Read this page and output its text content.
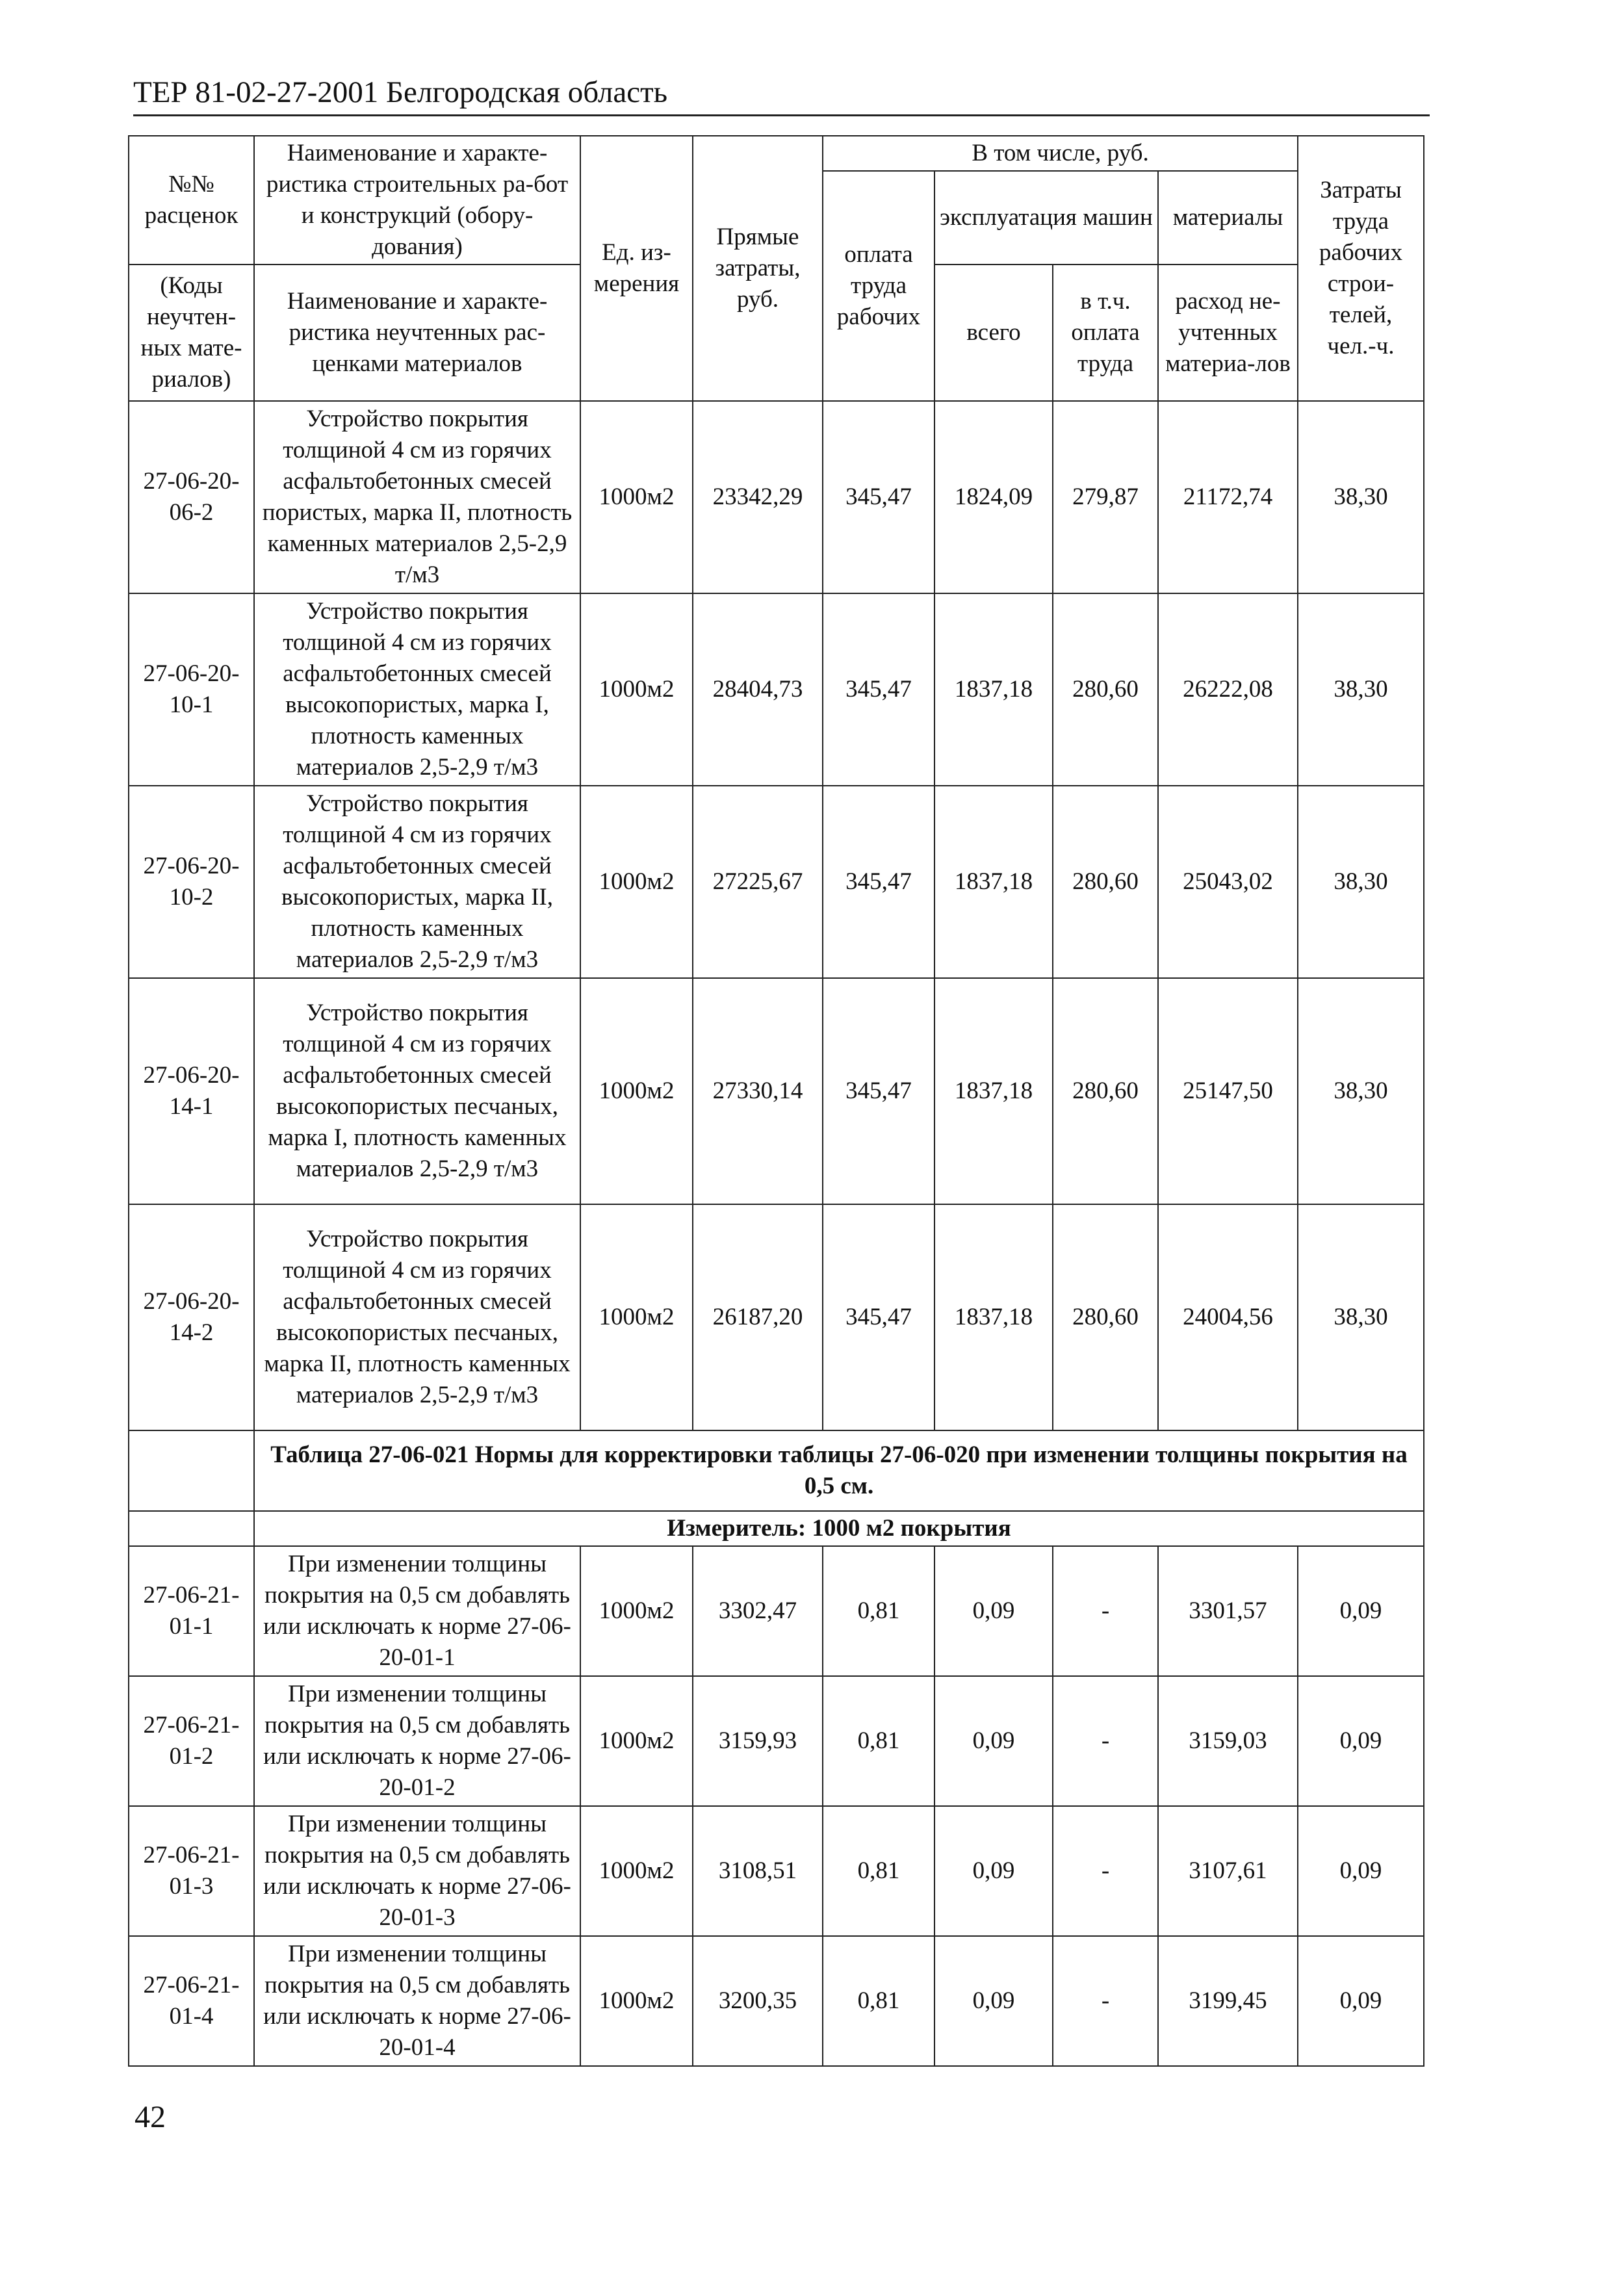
ТЕР 81-02-27-2001 Белгородская область
№№ расценок	Наименование и характе-ристика строительных ра-бот и конструкций (обору-дования)	Ед. из-мерения	Прямые затраты, руб.	В том числе, руб.				Затраты труда рабочих строи-телей, чел.-ч.
				оплата труда рабочих	эксплуатация машин		материалы	

(Коды неучтен-ных мате-риалов)	Наименование и характе-ристика неучтенных рас-ценками материалов				всего	в т.ч. оплата труда	расход не-учтенных материа-лов	

27-06-20-06-2	Устройство покрытия толщиной 4 см из горячих асфальтобетонных смесей пористых, марка II, плотность каменных материалов 2,5-2,9 т/м3	1000м2	23342,29	345,47	1824,09	279,87	21172,74	38,30
27-06-20-10-1	Устройство покрытия толщиной 4 см из горячих асфальтобетонных смесей высокопористых, марка I, плотность каменных материалов 2,5-2,9 т/м3	1000м2	28404,73	345,47	1837,18	280,60	26222,08	38,30
27-06-20-10-2	Устройство покрытия толщиной 4 см из горячих асфальтобетонных смесей высокопористых, марка II, плотность каменных материалов 2,5-2,9 т/м3	1000м2	27225,67	345,47	1837,18	280,60	25043,02	38,30
27-06-20-14-1	Устройство покрытия толщиной 4 см из горячих асфальтобетонных смесей высокопористых песчаных, марка I, плотность каменных материалов 2,5-2,9 т/м3	1000м2	27330,14	345,47	1837,18	280,60	25147,50	38,30
27-06-20-14-2	Устройство покрытия толщиной 4 см из горячих асфальтобетонных смесей высокопористых песчаных, марка II, плотность каменных материалов 2,5-2,9 т/м3	1000м2	26187,20	345,47	1837,18	280,60	24004,56	38,30
	Таблица 27-06-021 Нормы для корректировки таблицы 27-06-020 при изменении толщины покрытия на 0,5 см.							
	Измеритель: 1000 м2 покрытия							
27-06-21-01-1	При изменении толщины покрытия на 0,5 см добавлять или исключать к норме 27-06-20-01-1	1000м2	3302,47	0,81	0,09	-	3301,57	0,09
27-06-21-01-2	При изменении толщины покрытия на 0,5 см добавлять или исключать к норме 27-06-20-01-2	1000м2	3159,93	0,81	0,09	-	3159,03	0,09
27-06-21-01-3	При изменении толщины покрытия на 0,5 см добавлять или исключать к норме 27-06-20-01-3	1000м2	3108,51	0,81	0,09	-	3107,61	0,09
27-06-21-01-4	При изменении толщины покрытия на 0,5 см добавлять или исключать к норме 27-06-20-01-4	1000м2	3200,35	0,81	0,09	-	3199,45	0,09
42
